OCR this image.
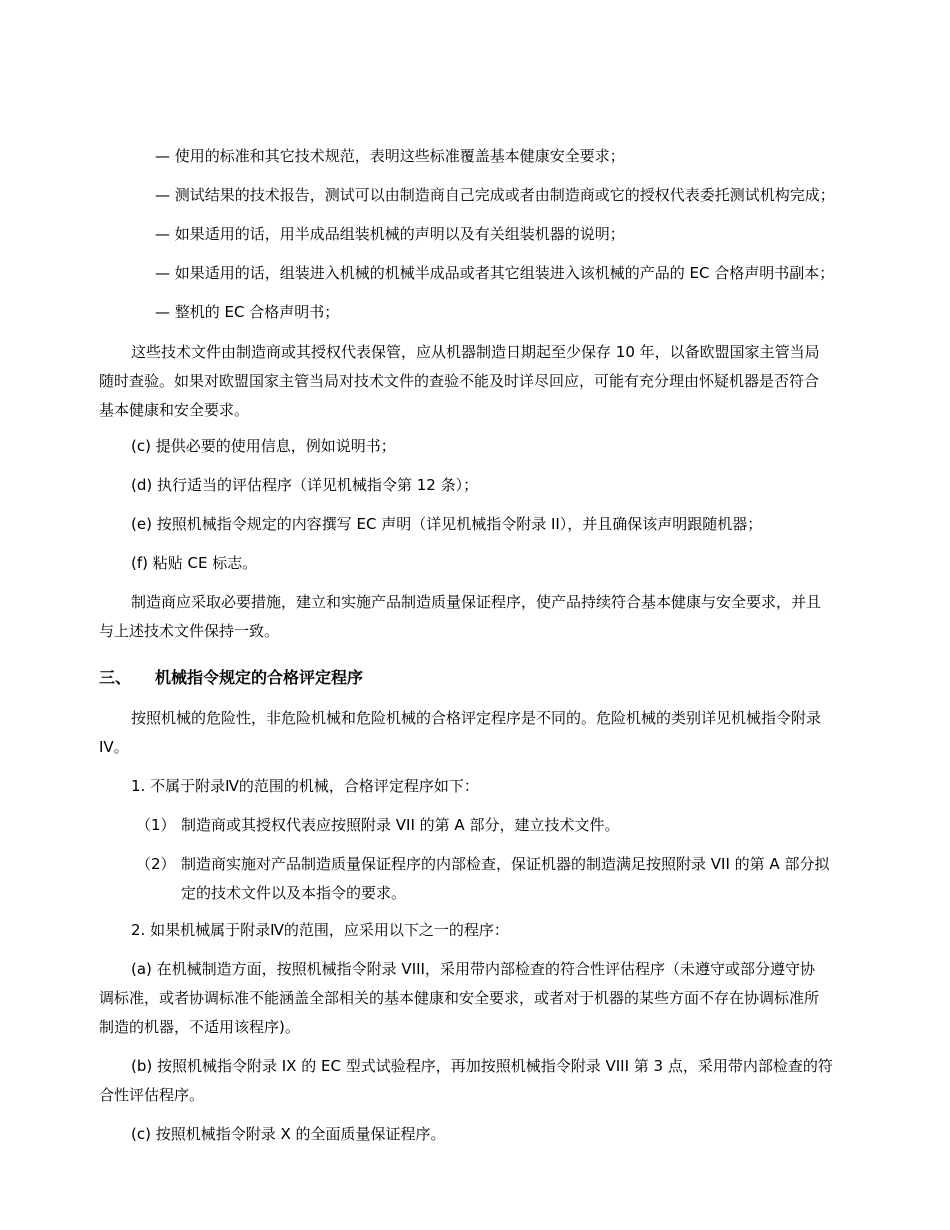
— 使用的标准和其它技术规范，表明这些标准覆盖基本健康安全要求；
— 测试结果的技术报告，测试可以由制造商自己完成或者由制造商或它的授权代表委托测试机构完成；
— 如果适用的话，用半成品组装机械的声明以及有关组装机器的说明；
— 如果适用的话，组装进入机械的机械半成品或者其它组装进入该机械的产品的 EC 合格声明书副本；
— 整机的 EC 合格声明书；
这些技术文件由制造商或其授权代表保管，应从机器制造日期起至少保存 10 年，以备欧盟国家主管当局
随时查验。如果对欧盟国家主管当局对技术文件的查验不能及时详尽回应，可能有充分理由怀疑机器是否符合
基本健康和安全要求。
(c) 提供必要的使用信息，例如说明书；
(d) 执行适当的评估程序（详见机械指令第 12 条）；
(e) 按照机械指令规定的内容撰写 EC 声明（详见机械指令附录 II），并且确保该声明跟随机器；
(f) 粘贴 CE 标志。
制造商应采取必要措施，建立和实施产品制造质量保证程序，使产品持续符合基本健康与安全要求，并且
与上述技术文件保持一致。
三、 机械指令规定的合格评定程序
按照机械的危险性，非危险机械和危险机械的合格评定程序是不同的。危险机械的类别详见机械指令附录
IV。
1. 不属于附录Ⅳ的范围的机械，合格评定程序如下：
（1） 制造商或其授权代表应按照附录 VII 的第 A 部分，建立技术文件。
（2） 制造商实施对产品制造质量保证程序的内部检查，保证机器的制造满足按照附录 VII 的第 A 部分拟
定的技术文件以及本指令的要求。
2. 如果机械属于附录Ⅳ的范围，应采用以下之一的程序：
(a) 在机械制造方面，按照机械指令附录 VIII，采用带内部检查的符合性评估程序（未遵守或部分遵守协
调标准，或者协调标准不能涵盖全部相关的基本健康和安全要求，或者对于机器的某些方面不存在协调标准所
制造的机器，不适用该程序)。
(b) 按照机械指令附录 IX 的 EC 型式试验程序，再加按照机械指令附录 VIII 第 3 点，采用带内部检查的符
合性评估程序。
(c) 按照机械指令附录 X 的全面质量保证程序。
